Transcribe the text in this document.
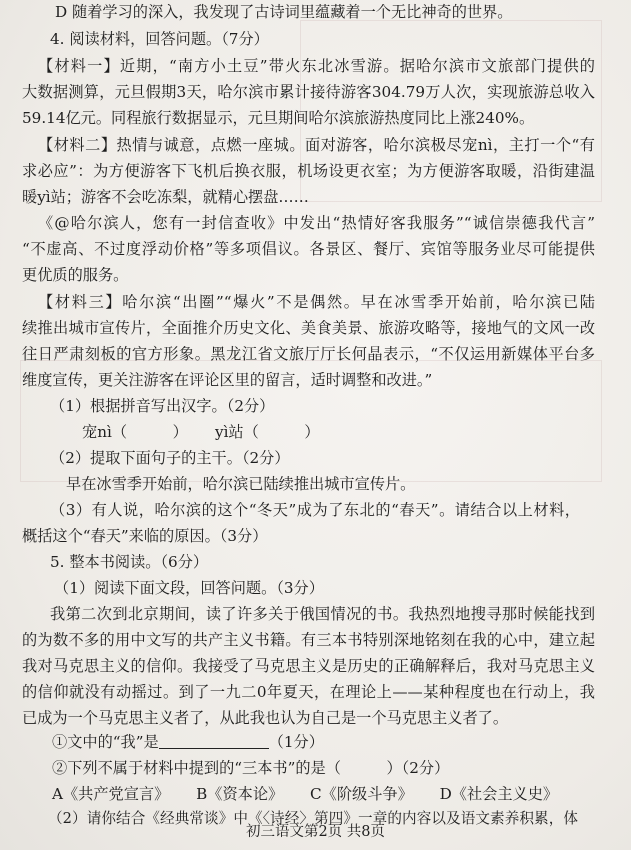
D 随着学习的深入，我发现了古诗词里蕴藏着一个无比神奇的世界。
4. 阅读材料，回答问题。（7分）
【材料一】近期，“南方小土豆”带火东北冰雪游。据哈尔滨市文旅部门提供的
大数据测算，元旦假期3天，哈尔滨市累计接待游客304.79万人次，实现旅游总收入
59.14亿元。同程旅行数据显示，元旦期间哈尔滨旅游热度同比上涨240%。
【材料二】热情与诚意，点燃一座城。面对游客，哈尔滨极尽宠nì，主打一个“有
求必应”：为方便游客下飞机后换衣服，机场设更衣室；为方便游客取暖，沿街建温
暖yì站；游客不会吃冻梨，就精心摆盘……
《@哈尔滨人，您有一封信查收》中发出“热情好客我服务”“诚信崇德我代言”
“不虚高、不过度浮动价格”等多项倡议。各景区、餐厅、宾馆等服务业尽可能提供
更优质的服务。
【材料三】哈尔滨“出圈”“爆火”不是偶然。早在冰雪季开始前，哈尔滨已陆
续推出城市宣传片，全面推介历史文化、美食美景、旅游攻略等，接地气的文风一改
往日严肃刻板的官方形象。黑龙江省文旅厅厅长何晶表示，“不仅运用新媒体平台多
维度宣传，更关注游客在评论区里的留言，适时调整和改进。”
（1）根据拼音写出汉字。（2分）
宠nì（　　　） yì站（　　　）
（2）提取下面句子的主干。（2分）
早在冰雪季开始前，哈尔滨已陆续推出城市宣传片。
（3）有人说，哈尔滨的这个“冬天”成为了东北的“春天”。请结合以上材料，
概括这个“春天”来临的原因。（3分）
5. 整本书阅读。（6分）
（1）阅读下面文段，回答问题。（3分）
我第二次到北京期间，读了许多关于俄国情况的书。我热烈地搜寻那时候能找到
的为数不多的用中文写的共产主义书籍。有三本书特别深地铭刻在我的心中，建立起
我对马克思主义的信仰。我接受了马克思主义是历史的正确解释后，我对马克思主义
的信仰就没有动摇过。到了一九二0年夏天，在理论上——某种程度也在行动上，我
已成为一个马克思主义者了，从此我也认为自己是一个马克思主义者了。
①文中的“我”是	（1分）
②下列不属于材料中提到的“三本书”的是（　　　）（2分）
A《共产党宣言》 B《资本论》 C《阶级斗争》 D《社会主义史》
（2）请你结合《经典常谈》中《〈诗经〉第四》一章的内容以及语文素养积累，体
初三语文第2页 共8页
